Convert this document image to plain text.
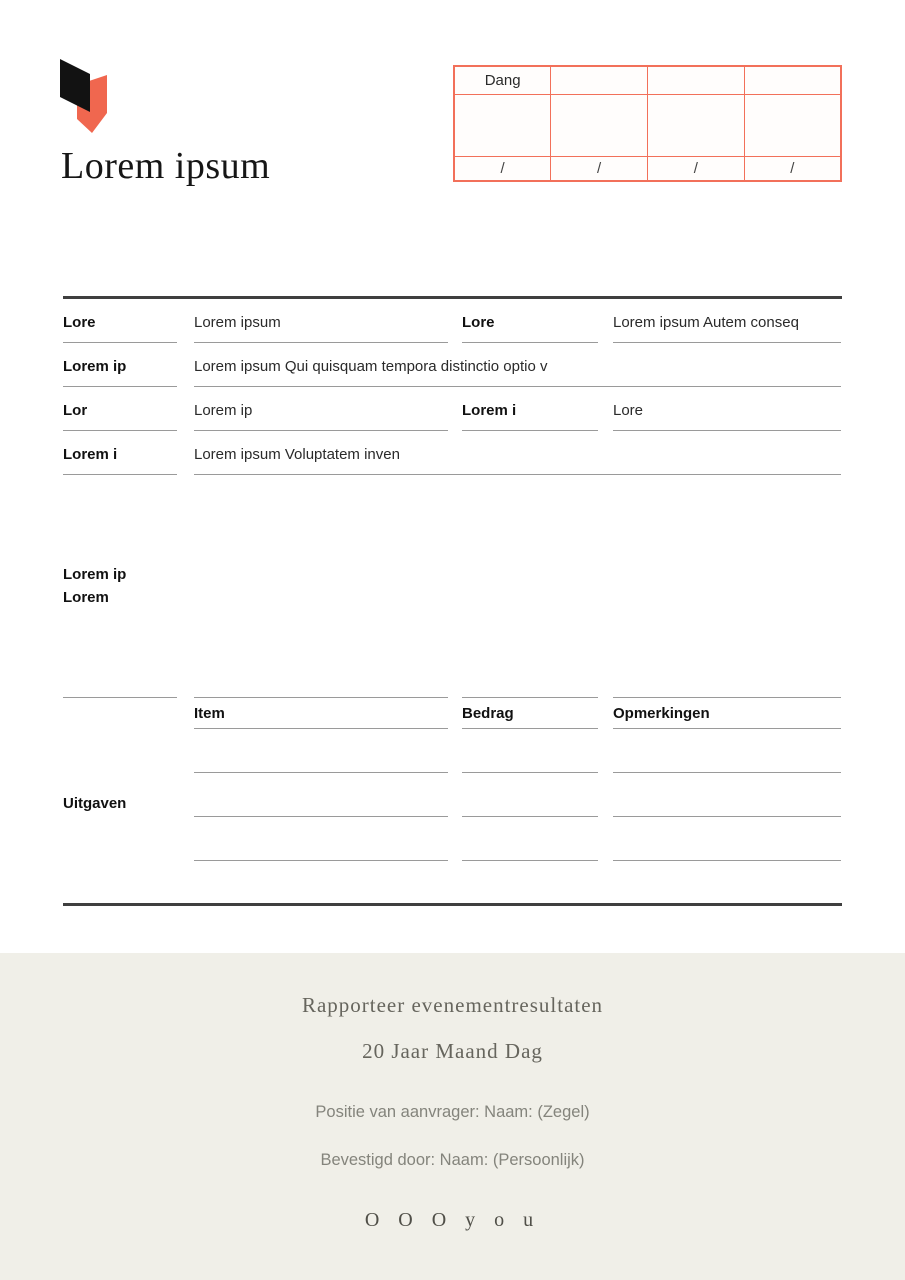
Lorem ipsum
Dang			

/	/	/	/
Lore	Lorem ipsum	Lore	Lorem ipsum Autem conseq
Lorem ip	Lorem ipsum Qui quisquam tempora distinctio optio v
Lor	Lorem ip	Lorem i	Lore
Lorem i	Lorem ipsum Voluptatem inven
Lorem ip
Lorem
Item	Bedrag	Opmerkingen
Uitgaven
Rapporteer evenementresultaten
20 Jaar Maand Dag
Positie van aanvrager: Naam: (Zegel)
Bevestigd door: Naam: (Persoonlijk)
O O O y o u
